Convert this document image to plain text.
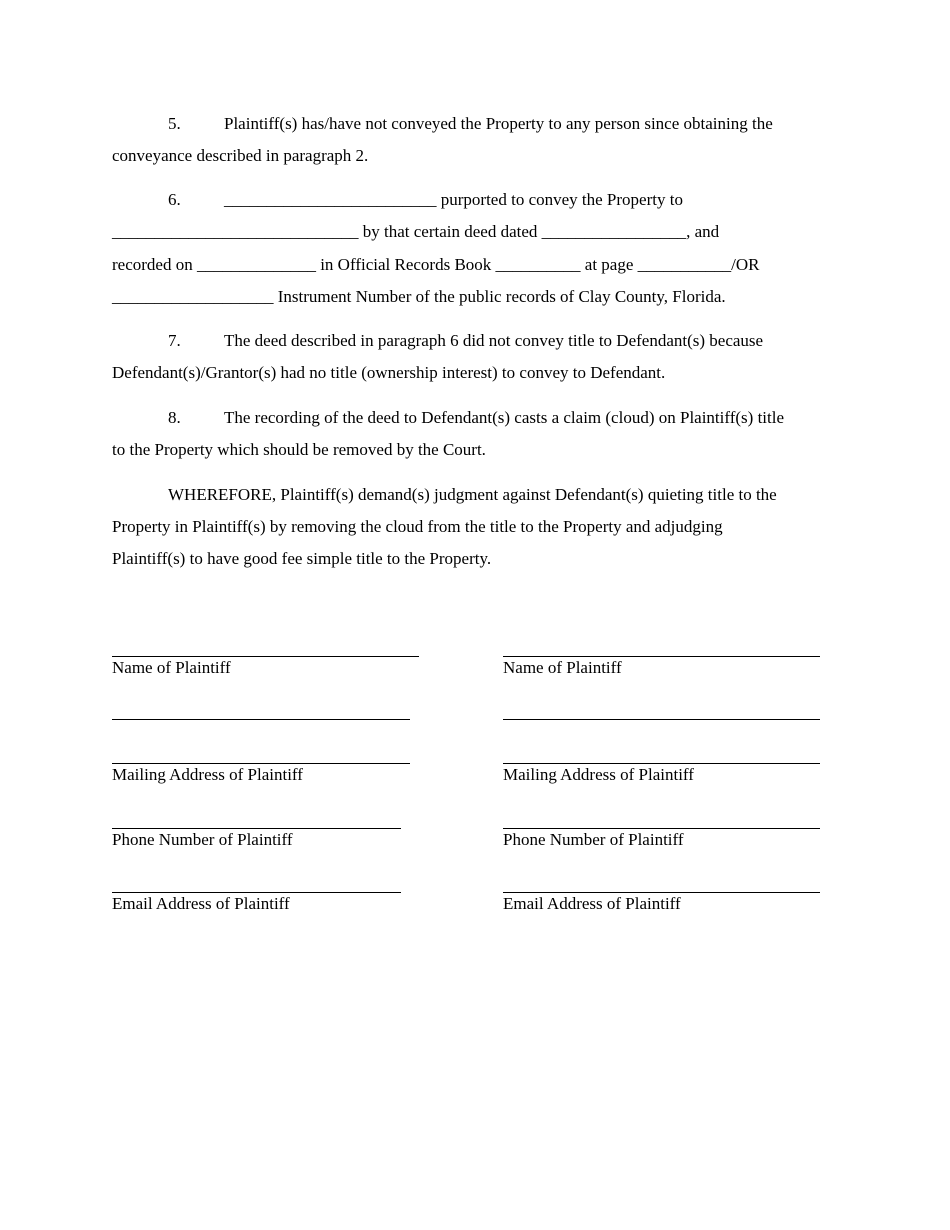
5.	Plaintiff(s) has/have not conveyed the Property to any person since obtaining the
conveyance described in paragraph 2.
6.	_________________________ purported to convey the Property to
_____________________________ by that certain deed dated _________________, and
recorded on ______________ in Official Records Book __________ at page ___________/OR
___________________ Instrument Number of the public records of Clay County, Florida.
7.	The deed described in paragraph 6 did not convey title to Defendant(s) because
Defendant(s)/Grantor(s) had no title (ownership interest) to convey to Defendant.
8.	The recording of the deed to Defendant(s) casts a claim (cloud) on Plaintiff(s) title
to the Property which should be removed by the Court.
WHEREFORE, Plaintiff(s) demand(s) judgment against Defendant(s) quieting title to the
Property in Plaintiff(s) by removing the cloud from the title to the Property and adjudging
Plaintiff(s) to have good fee simple title to the Property.
Name of Plaintiff
Mailing Address of Plaintiff
Phone Number of Plaintiff
Email Address of Plaintiff
Name of Plaintiff
Mailing Address of Plaintiff
Phone Number of Plaintiff
Email Address of Plaintiff
